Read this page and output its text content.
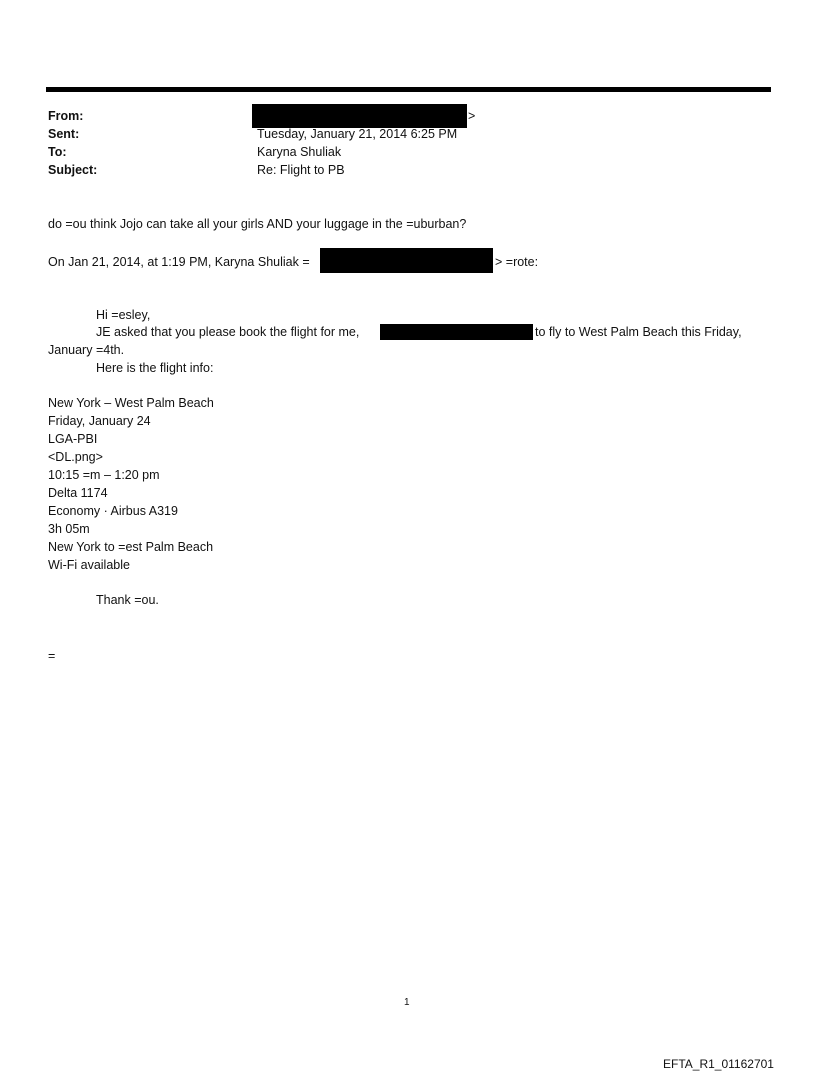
From:	>
Sent:	Tuesday, January 21, 2014 6:25 PM
To:	Karyna Shuliak
Subject:	Re: Flight to PB
do =ou think Jojo can take all your girls AND your luggage in the =uburban?
On Jan 21, 2014, at 1:19 PM, Karyna Shuliak =	> =rote:
Hi =esley,
JE asked that you please book the flight for me,	to fly to West Palm Beach this Friday,
January =4th.
Here is the flight info:
New York – West Palm Beach
Friday, January 24
LGA-PBI
<DL.png>
10:15 =m – 1:20 pm
Delta 1174
Economy · Airbus A319
3h 05m
New York to =est Palm Beach
Wi-Fi available
Thank =ou.
=
1
EFTA_R1_01162701
